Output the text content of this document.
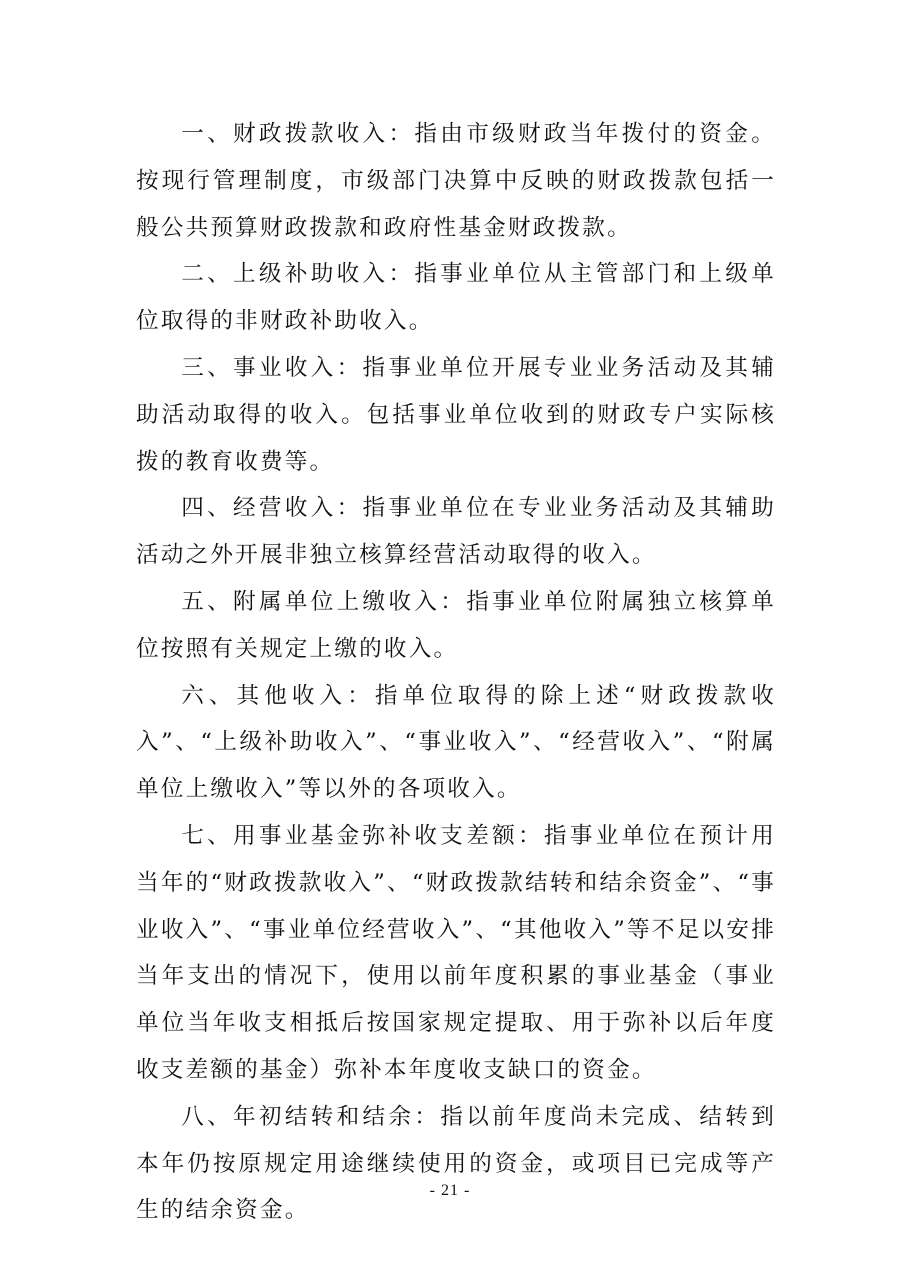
一、财政拨款收入：指由市级财政当年拨付的资金。按现行管理制度，市级部门决算中反映的财政拨款包括一般公共预算财政拨款和政府性基金财政拨款。

二、上级补助收入：指事业单位从主管部门和上级单位取得的非财政补助收入。

三、事业收入：指事业单位开展专业业务活动及其辅助活动取得的收入。包括事业单位收到的财政专户实际核拨的教育收费等。

四、经营收入：指事业单位在专业业务活动及其辅助活动之外开展非独立核算经营活动取得的收入。

五、附属单位上缴收入：指事业单位附属独立核算单位按照有关规定上缴的收入。

六、其他收入：指单位取得的除上述“财政拨款收入”、“上级补助收入”、“事业收入”、“经营收入”、“附属单位上缴收入”等以外的各项收入。

七、用事业基金弥补收支差额：指事业单位在预计用当年的“财政拨款收入”、“财政拨款结转和结余资金”、“事业收入”、“事业单位经营收入”、“其他收入”等不足以安排当年支出的情况下，使用以前年度积累的事业基金（事业单位当年收支相抵后按国家规定提取、用于弥补以后年度收支差额的基金）弥补本年度收支缺口的资金。

八、年初结转和结余：指以前年度尚未完成、结转到本年仍按原规定用途继续使用的资金，或项目已完成等产生的结余资金。

- 21 -
